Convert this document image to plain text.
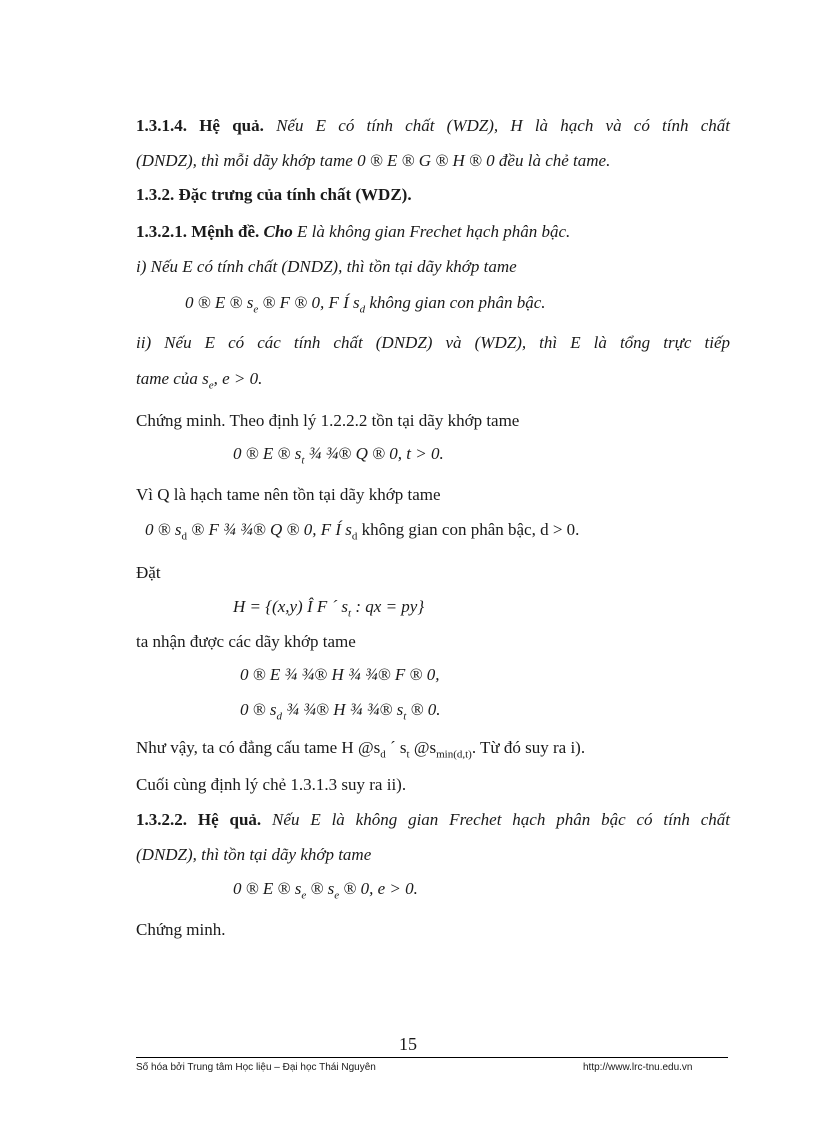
1.3.1.4. Hệ quả. Nếu E có tính chất (WDZ), H là hạch và có tính chất
(DNDZ), thì mỗi dãy khớp tame 0 ® E ® G ® H ® 0 đều là chẻ tame.
1.3.2. Đặc trưng của tính chất (WDZ).
1.3.2.1. Mệnh đề. Cho E là không gian Frechet hạch phân bậc.
i) Nếu E có tính chất (DNDZ), thì tồn tại dãy khớp tame
0 ® E ® $s_e$ ® F ® 0, F Í $s_d$ không gian con phân bậc.
ii) Nếu E có các tính chất (DNDZ) và (WDZ), thì E là tổng trực tiếp
tame của $s_e$, e > 0.
Chứng minh. Theo định lý 1.2.2.2 tồn tại dãy khớp tame
0 ® E ® $s_t$ ¾ ¾® Q ® 0, t > 0.
Vì Q là hạch tame nên tồn tại dãy khớp tame
0 ® $s_d$ ® F ¾ ¾® Q ® 0, F Í $s_d$ không gian con phân bậc, d > 0.
Đặt
H = {(x,y) Î F ´ $s_t$ : qx = py}
ta nhận được các dãy khớp tame
0 ® E ¾ ¾® H ¾ ¾® F ® 0,
0 ® $s_d$ ¾ ¾® H ¾ ¾® $s_t$ ® 0.
Như vậy, ta có đẳng cấu tame H $@s_d$ ´ $s_t$ $@s_{min(d,t)}$. Từ đó suy ra i).
Cuối cùng định lý chẻ 1.3.1.3 suy ra ii).
1.3.2.2. Hệ quả. Nếu E là không gian Frechet hạch phân bậc có tính chất
(DNDZ), thì tồn tại dãy khớp tame
0 ® E ® $s_e$ ® $s_e$ ® 0, e > 0.
Chứng minh.
15
Số hóa bởi Trung tâm Học liệu – Đại học Thái Nguyên	http://www.lrc-tnu.edu.vn
